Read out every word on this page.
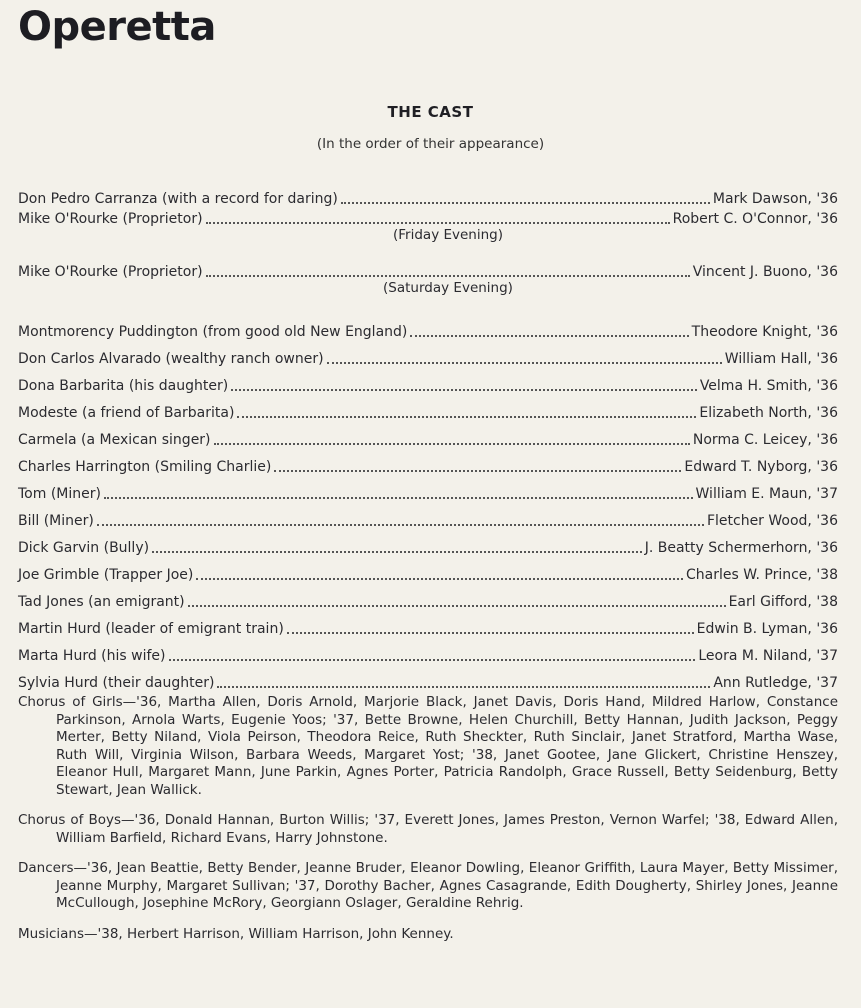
Operetta
THE CAST
(In the order of their appearance)
Don Pedro Carranza (with a record for daring)	Mark Dawson, '36
Mike O'Rourke (Proprietor)	Robert C. O'Connor, '36
(Friday Evening)
Mike O'Rourke (Proprietor)	Vincent J. Buono, '36
(Saturday Evening)
Montmorency Puddington (from good old New England)	Theodore Knight, '36
Don Carlos Alvarado (wealthy ranch owner)	William Hall, '36
Dona Barbarita (his daughter)	Velma H. Smith, '36
Modeste (a friend of Barbarita)	Elizabeth North, '36
Carmela (a Mexican singer)	Norma C. Leicey, '36
Charles Harrington (Smiling Charlie)	Edward T. Nyborg, '36
Tom (Miner)	William E. Maun, '37
Bill (Miner)	Fletcher Wood, '36
Dick Garvin (Bully)	J. Beatty Schermerhorn, '36
Joe Grimble (Trapper Joe)	Charles W. Prince, '38
Tad Jones (an emigrant)	Earl Gifford, '38
Martin Hurd (leader of emigrant train)	Edwin B. Lyman, '36
Marta Hurd (his wife)	Leora M. Niland, '37
Sylvia Hurd (their daughter)	Ann Rutledge, '37

Chorus of Girls—'36, Martha Allen, Doris Arnold, Marjorie Black, Janet Davis, Doris Hand, Mildred Harlow, Constance Parkinson, Arnola Warts, Eugenie Yoos; '37, Bette Browne, Helen Churchill, Betty Hannan, Judith Jackson, Peggy Merter, Betty Niland, Viola Peirson, Theodora Reice, Ruth Sheckter, Ruth Sinclair, Janet Stratford, Martha Wase, Ruth Will, Virginia Wilson, Barbara Weeds, Margaret Yost; '38, Janet Gootee, Jane Glickert, Christine Henszey, Eleanor Hull, Margaret Mann, June Parkin, Agnes Porter, Patricia Randolph, Grace Russell, Betty Seidenburg, Betty Stewart, Jean Wallick.

Chorus of Boys—'36, Donald Hannan, Burton Willis; '37, Everett Jones, James Preston, Vernon Warfel; '38, Edward Allen, William Barfield, Richard Evans, Harry Johnstone.

Dancers—'36, Jean Beattie, Betty Bender, Jeanne Bruder, Eleanor Dowling, Eleanor Griffith, Laura Mayer, Betty Missimer, Jeanne Murphy, Margaret Sullivan; '37, Dorothy Bacher, Agnes Casagrande, Edith Dougherty, Shirley Jones, Jeanne McCullough, Josephine McRory, Georgiann Oslager, Geraldine Rehrig.

Musicians—'38, Herbert Harrison, William Harrison, John Kenney.
